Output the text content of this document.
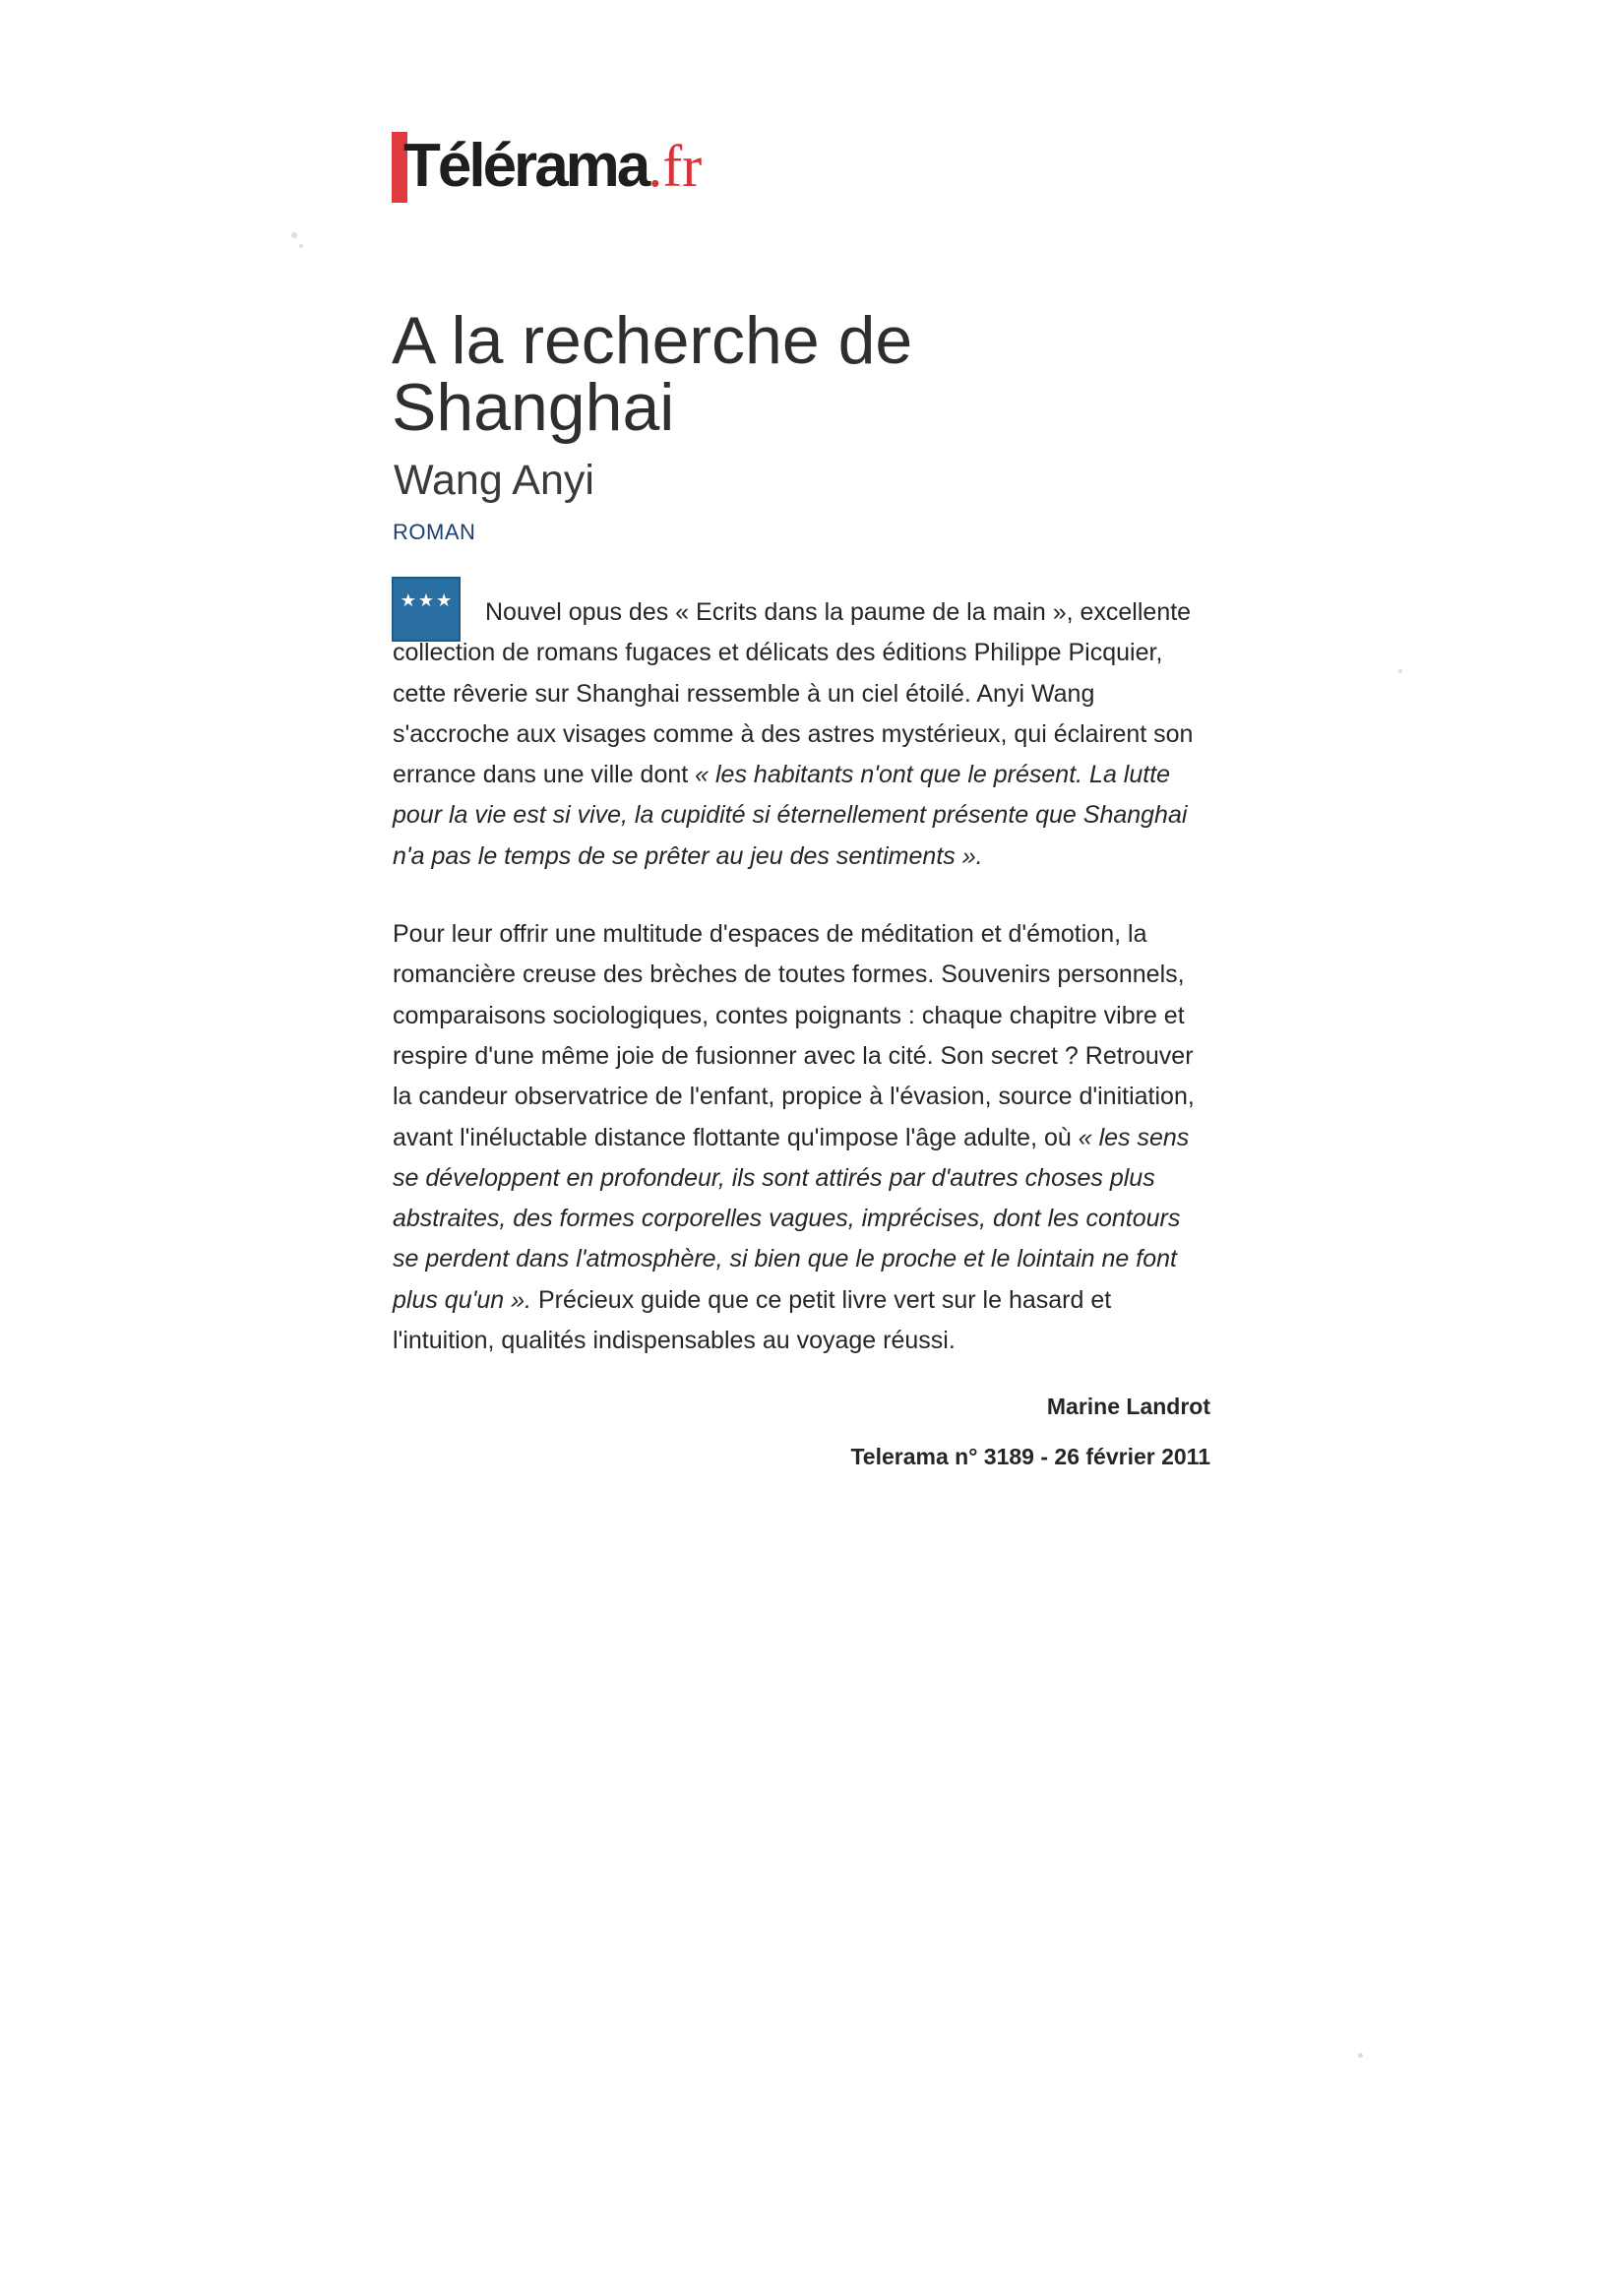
Télérama .fr
A la recherche de Shanghai
Wang Anyi
ROMAN
★ ★ ★	Nouvel opus des « Ecrits dans la paume de la main », excellente collection de romans fugaces et délicats des éditions Philippe Picquier, cette rêverie sur Shanghai ressemble à un ciel étoilé. Anyi Wang s'accroche aux visages comme à des astres mystérieux, qui éclairent son errance dans une ville dont « les habitants n'ont que le présent. La lutte pour la vie est si vive, la cupidité si éternellement présente que Shanghai n'a pas le temps de se prêter au jeu des sentiments ».

Pour leur offrir une multitude d'espaces de méditation et d'émotion, la romancière creuse des brèches de toutes formes. Souvenirs personnels, comparaisons sociologiques, contes poignants : chaque chapitre vibre et respire d'une même joie de fusionner avec la cité. Son secret ? Retrouver la candeur observatrice de l'enfant, propice à l'évasion, source d'initiation, avant l'inéluctable distance flottante qu'impose l'âge adulte, où « les sens se développent en profondeur, ils sont attirés par d'autres choses plus abstraites, des formes corporelles vagues, imprécises, dont les contours se perdent dans l'atmosphère, si bien que le proche et le lointain ne font plus qu'un ». Précieux guide que ce petit livre vert sur le hasard et l'intuition, qualités indispensables au voyage réussi.

Marine Landrot
Telerama n° 3189 - 26 février 2011
